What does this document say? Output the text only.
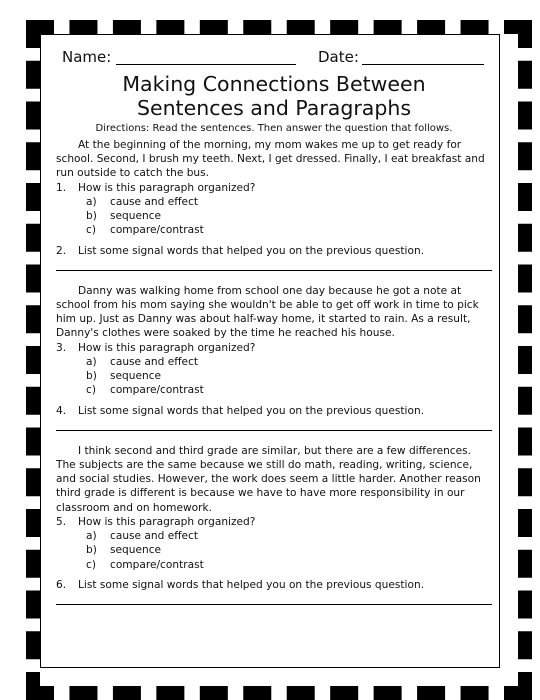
Name:	Date:
Making Connections Between
Sentences and Paragraphs
Directions: Read the sentences. Then answer the question that follows.

At the beginning of the morning, my mom wakes me up to get ready for school. Second, I brush my teeth. Next, I get dressed. Finally, I eat breakfast and run outside to catch the bus.

1.	How is this paragraph organized?
a)	cause and effect
b)	sequence
c)	compare/contrast
2.	List some signal words that helped you on the previous question.

Danny was walking home from school one day because he got a note at school from his mom saying she wouldn't be able to get off work in time to pick him up. Just as Danny was about half-way home, it started to rain. As a result, Danny's clothes were soaked by the time he reached his house.

3.	How is this paragraph organized?
a)	cause and effect
b)	sequence
c)	compare/contrast
4.	List some signal words that helped you on the previous question.

I think second and third grade are similar, but there are a few differences. The subjects are the same because we still do math, reading, writing, science, and social studies. However, the work does seem a little harder. Another reason third grade is different is because we have to have more responsibility in our classroom and on homework.

5.	How is this paragraph organized?
a)	cause and effect
b)	sequence
c)	compare/contrast
6.	List some signal words that helped you on the previous question.
